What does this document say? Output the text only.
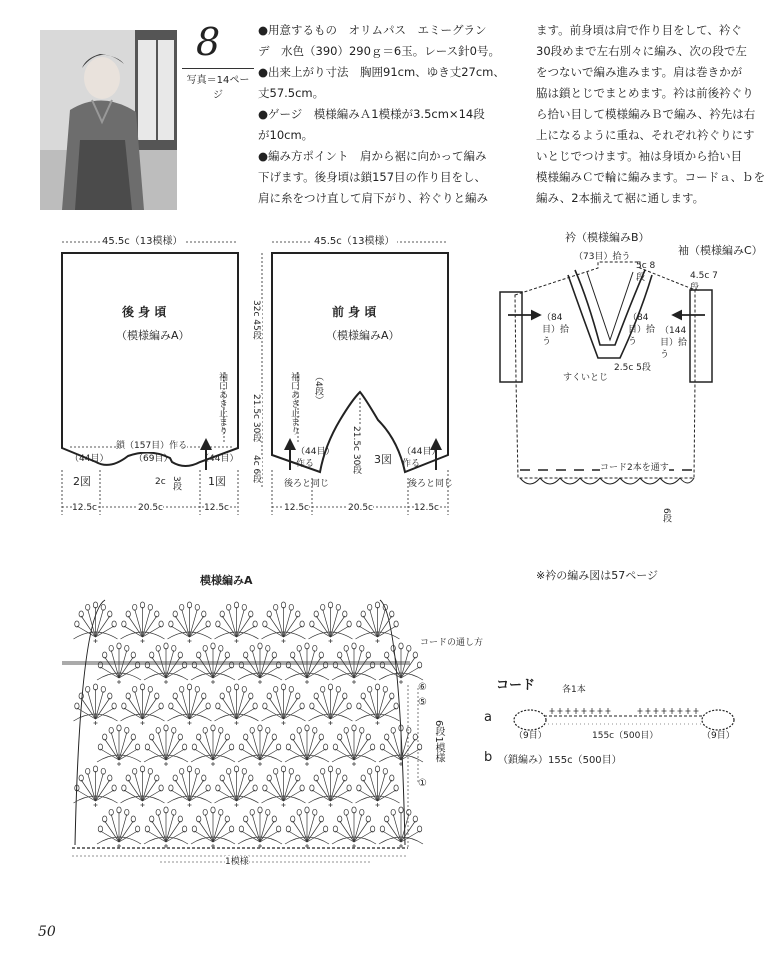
8
写真＝14ページ

●用意するもの　オリムパス　エミーグラン

デ　水色（390）290ｇ＝6玉。レース針0号。

●出来上がり寸法　胸囲91cm、ゆき丈27cm、

丈57.5cm。

●ゲージ　模様編みＡ1模様が3.5cm×14段

が10cm。

●編み方ポイント　肩から裾に向かって編み

下げます。後身頃は鎖157目の作り目をし、

肩に糸をつけ直して肩下がり、衿ぐりと編み

ます。前身頃は肩で作り目をして、衿ぐ

30段めまで左右別々に編み、次の段で左

をつないで編み進みます。肩は巻きかが

脇は鎖とじでまとめます。衿は前後衿ぐり

ら拾い目して模様編みＢで編み、衿先は右

上になるように重ね、それぞれ衿ぐりにす

いとじでつけます。袖は身頃から拾い目

模様編みＣで輪に編みます。コードａ、ｂを

編み、2本揃えて裾に通します。

45.5c（13模様）
後 身 頃
（模様編みA）
袖口あき止まり
鎖（157目）作る
（44目）	（69目）	（44目）
2図	1図
2c 3段
12.5c	20.5c	12.5c
45.5c（13模様）
前 身 頃
（模様編みA）
32c 45段
袖口あき止まり
21.5c 30段
4c 6段
（4段）
21.5c 30段
（44目）作る
（44目）作る
3図
後ろと同じ	後ろと同じ
12.5c	20.5c	12.5c
衿（模様編みB）
（73目）拾う
5c 8段
（84目）拾う
（84目）拾う
すくいとじ
2.5c 5段
コード2本を通す
6段
袖（模様編みC）
4.5c 7段
（144目）拾う
※衿の編み図は57ページ
模様編みA
コードの通し方
⑥
⑤
①
6段1模様
1模様
コード	各1本
a
（9目）	155c（500目）	（9目）
b （鎖編み） 155c（500目）
50
